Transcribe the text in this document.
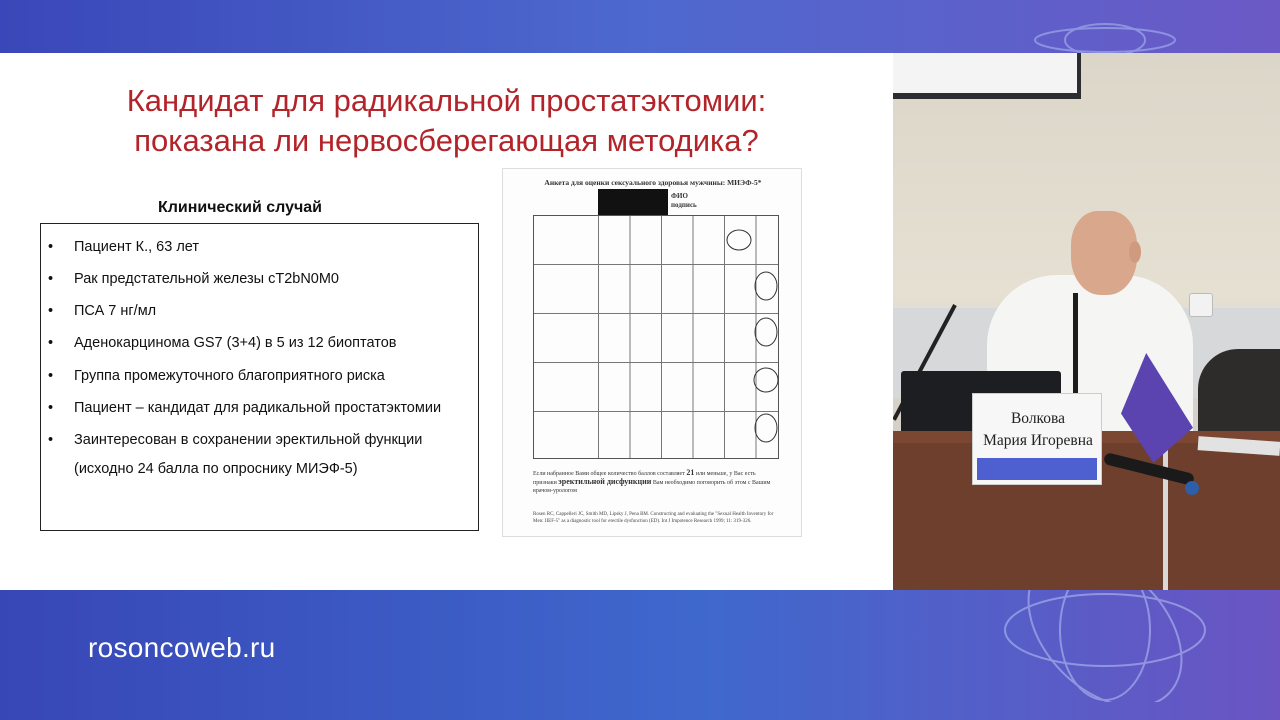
Кандидат для радикальной простатэктомии:
показана ли нервосберегающая методика?
Клинический случай
• Пациент К., 63 лет
• Рак предстательной железы cT2bN0M0
• ПСА 7 нг/мл
• Аденокарцинома GS7 (3+4) в 5 из 12 биоптатов
• Группа промежуточного благоприятного риска
• Пациент – кандидат для радикальной простатэктомии
• Заинтересован в сохранении эректильной функции
(исходно 24 балла по опроснику МИЭФ-5)
Анкета для оценки сексуального здоровья мужчины: МИЭФ-5*
ФИО
подпись
Если набранное Вами общее количество баллов составляет 21 или меньше, у Вас есть признаки эректильной дисфункции Вам необходимо поговорить об этом с Вашим врачом-урологом
Rosen RC, Cappelleri JC, Smith MD, Lipsky J, Pena BM. Constructing and evaluating the "Sexual Health Inventory for Men: IIEF-5" as a diagnostic tool for erectile dysfunction (ED). Int J Impotence Research 1999; 11: 319-326.
Волкова
Мария Игоревна
rosoncoweb.ru
